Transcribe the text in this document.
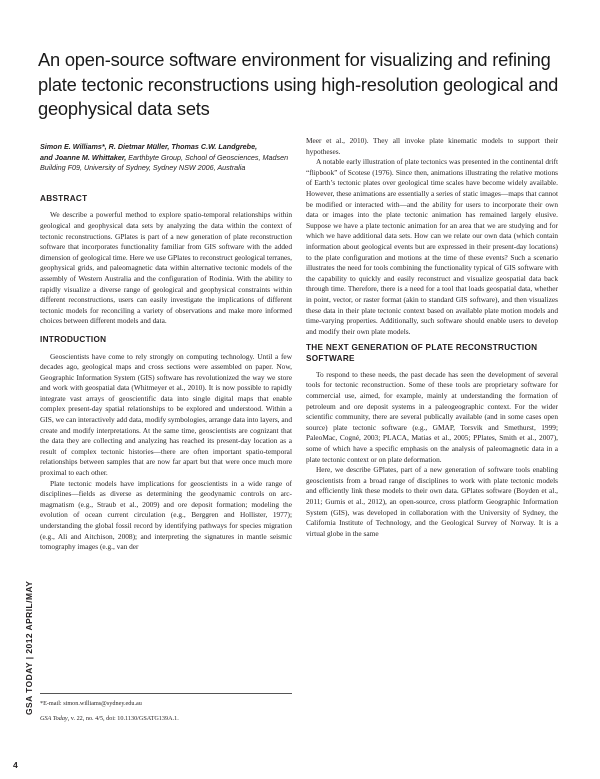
An open-source software environment for visualizing and refining plate tectonic reconstructions using high-resolution geological and geophysical data sets

Simon E. Williams*, R. Dietmar Müller, Thomas C.W. Landgrebe,
and Joanne M. Whittaker, Earthbyte Group, School of Geosciences, Madsen Building F09, University of Sydney, Sydney NSW 2006, Australia

ABSTRACT

We describe a powerful method to explore spatio-temporal relationships within geological and geophysical data sets by analyzing the data within the context of tectonic reconstructions. GPlates is part of a new generation of plate reconstruction software that incorporates functionality familiar from GIS software with the added dimension of geological time. Here we use GPlates to reconstruct geological terranes, geophysical grids, and paleomagnetic data within alternative tectonic models of the assembly of Western Australia and the configuration of Rodinia. With the ability to rapidly visualize a diverse range of geological and geophysical constraints within different reconstructions, users can easily investigate the implications of different tectonic models for reconciling a variety of observations and make more informed choices between different models and data.

INTRODUCTION

Geoscientists have come to rely strongly on computing technology. Until a few decades ago, geological maps and cross sections were assembled on paper. Now, Geographic Information System (GIS) software has revolutionized the way we store and work with geospatial data (Whitmeyer et al., 2010). It is now possible to rapidly integrate vast arrays of geoscientific data into single digital maps that enable complex present-day spatial relationships to be explored and understood. Within a GIS, we can interactively add data, modify symbologies, arrange data into layers, and create and modify interpretations. At the same time, geoscientists are cognizant that the data they are collecting and analyzing has reached its present-day location as a result of complex tectonic histories—there are often important spatio-temporal relationships between samples that are now far apart but that were once much more proximal to each other.

Plate tectonic models have implications for geoscientists in a wide range of disciplines—fields as diverse as determining the geodynamic controls on arc-magmatism (e.g., Straub et al., 2009) and ore deposit formation; modeling the evolution of ocean current circulation (e.g., Berggren and Hollister, 1977); understanding the global fossil record by identifying pathways for species migration (e.g., Ali and Aitchison, 2008); and interpreting the signatures in mantle seismic tomography images (e.g., van der

Meer et al., 2010). They all invoke plate kinematic models to support their hypotheses.

A notable early illustration of plate tectonics was presented in the continental drift “flipbook” of Scotese (1976). Since then, animations illustrating the relative motions of Earth’s tectonic plates over geological time scales have become widely available. However, these animations are essentially a series of static images—maps that cannot be modified or interacted with—and the ability for users to incorporate their own data or images into the plate tectonic animation has remained largely elusive. Suppose we have a plate tectonic animation for an area that we are studying and for which we have additional data sets. How can we relate our own data (which contain information about geological events but are expressed in their present-day locations) to the plate configuration and motions at the time of these events? Such a scenario illustrates the need for tools combining the functionality typical of GIS software with the capability to quickly and easily reconstruct and visualize geospatial data back through time. Therefore, there is a need for a tool that loads geospatial data, whether in point, vector, or raster format (akin to standard GIS software), and then visualizes these data in their plate tectonic context based on available plate motion models and time-varying properties. Additionally, such software should enable users to develop and modify their own plate models.

THE NEXT GENERATION OF PLATE RECONSTRUCTION SOFTWARE

To respond to these needs, the past decade has seen the development of several tools for tectonic reconstruction. Some of these tools are proprietary software for commercial use, aimed, for example, mainly at understanding the formation of petroleum and ore deposit systems in a paleogeographic context. For the wider scientific community, there are several publically available (and in some cases open source) plate tectonic software (e.g., GMAP, Torsvik and Smethurst, 1999; PaleoMac, Cogné, 2003; PLACA, Matias et al., 2005; PPlates, Smith et al., 2007), some of which have a specific emphasis on the analysis of paleomagnetic data in a plate tectonic context or on plate deformation.

Here, we describe GPlates, part of a new generation of software tools enabling geoscientists from a broad range of disciplines to work with plate tectonic models and efficiently link these models to their own data. GPlates software (Boyden et al., 2011; Gurnis et al., 2012), an open-source, cross platform Geographic Information System (GIS), was developed in collaboration with the University of Sydney, the California Institute of Technology, and the Geological Survey of Norway. It is a virtual globe in the same

*E-mail: simon.williams@sydney.edu.au

GSA Today, v. 22, no. 4/5, doi: 10.1130/GSATG139A.1.

GSA TODAY | 2012 APRIL/MAY

4
